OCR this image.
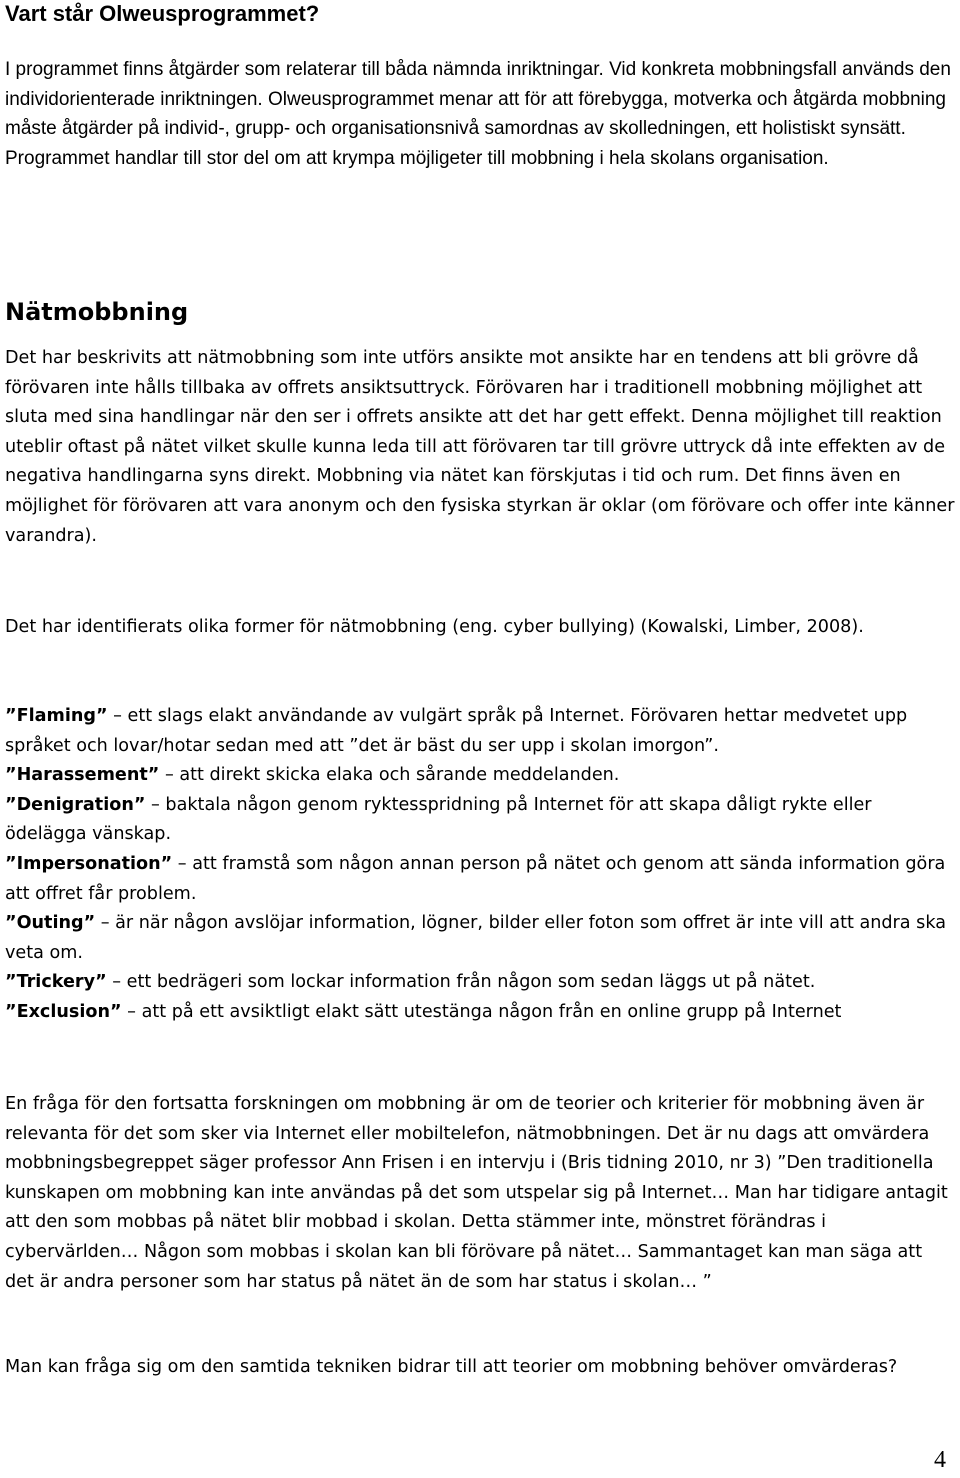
Vart står Olweusprogrammet?

I programmet finns åtgärder som relaterar till båda nämnda inriktningar. Vid konkreta mobbningsfall används den individorienterade inriktningen. Olweusprogrammet menar att för att förebygga, motverka och åtgärda mobbning måste åtgärder på individ-, grupp- och organisationsnivå samordnas av skolledningen, ett holistiskt synsätt. Programmet handlar till stor del om att krympa möjligeter till mobbning i hela skolans organisation.

Nätmobbning

Det har beskrivits att nätmobbning som inte utförs ansikte mot ansikte har en tendens att bli grövre då förövaren inte hålls tillbaka av offrets ansiktsuttryck. Förövaren har i traditionell mobbning möjlighet att sluta med sina handlingar när den ser i offrets ansikte att det har gett effekt. Denna möjlighet till reaktion uteblir oftast på nätet vilket skulle kunna leda till att förövaren tar till grövre uttryck då inte effekten av de negativa handlingarna syns direkt. Mobbning via nätet kan förskjutas i tid och rum. Det finns även en möjlighet för förövaren att vara anonym och den fysiska styrkan är oklar (om förövare och offer inte känner varandra).

Det har identifierats olika former för nätmobbning (eng. cyber bullying) (Kowalski, Limber, 2008).

”Flaming” – ett slags elakt användande av vulgärt språk på Internet. Förövaren hettar medvetet upp språket och lovar/hotar sedan med att ”det är bäst du ser upp i skolan imorgon”.

”Harassement” – att direkt skicka elaka och sårande meddelanden.

”Denigration” – baktala någon genom ryktesspridning på Internet för att skapa dåligt rykte eller ödelägga vänskap.

”Impersonation” – att framstå som någon annan person på nätet och genom att sända information göra att offret får problem.

”Outing” – är när någon avslöjar information, lögner, bilder eller foton som offret är inte vill att andra ska veta om.

”Trickery” – ett bedrägeri som lockar information från någon som sedan läggs ut på nätet.

”Exclusion” – att på ett avsiktligt elakt sätt utestänga någon från en online grupp på Internet

En fråga för den fortsatta forskningen om mobbning är om de teorier och kriterier för mobbning även är relevanta för det som sker via Internet eller mobiltelefon, nätmobbningen. Det är nu dags att omvärdera mobbningsbegreppet säger professor Ann Frisen i en intervju i (Bris tidning 2010, nr 3) ”Den traditionella kunskapen om mobbning kan inte användas på det som utspelar sig på Internet… Man har tidigare antagit att den som mobbas på nätet blir mobbad i skolan. Detta stämmer inte, mönstret förändras i cybervärlden… Någon som mobbas i skolan kan bli förövare på nätet… Sammantaget kan man säga att det är andra personer som har status på nätet än de som har status i skolan… ”

Man kan fråga sig om den samtida tekniken bidrar till att teorier om mobbning behöver omvärderas?

4
